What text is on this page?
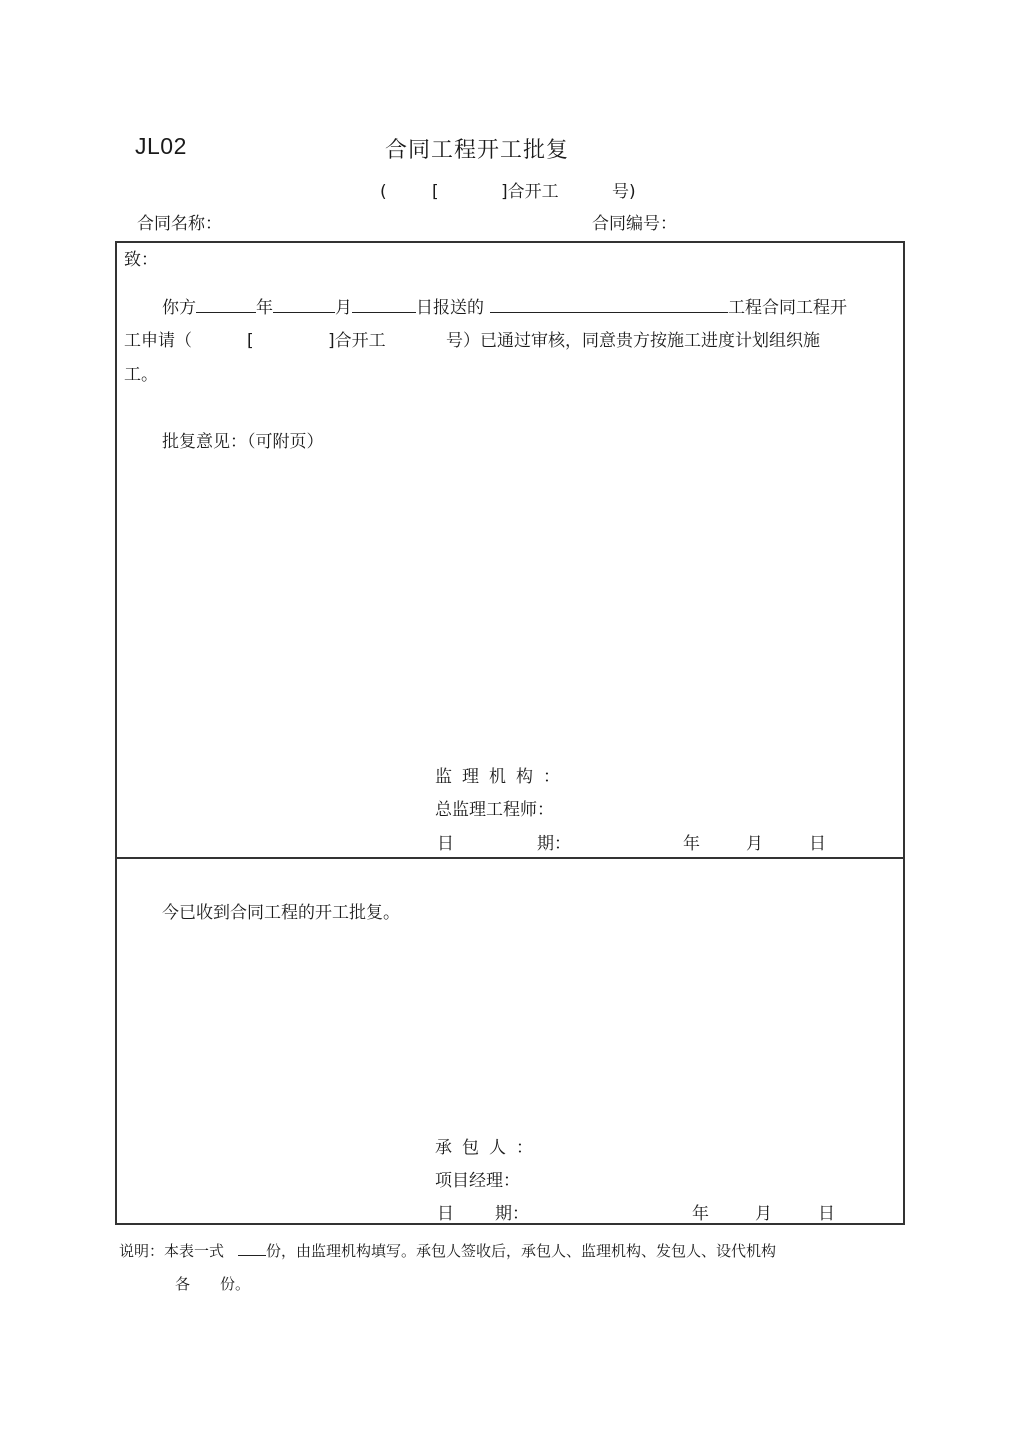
JL02	合同工程开工批复
(	[	]合开工	号)
合同名称：	合同编号：
致：
你方	年	月	日报送的	工程合同工程开
工申请（	[	]合开工	号）已通过审核，同意贵方按施工进度计划组织施
工。
批复意见：（可附页）
监理机构：
总监理工程师：
日	期：	年	月	日
今已收到合同工程的开工批复。
承包人：
项目经理：
日 期：	年	月	日
说明：本表一式	份，由监理机构填写。承包人签收后，承包人、监理机构、发包人、设代机构
各 份。
